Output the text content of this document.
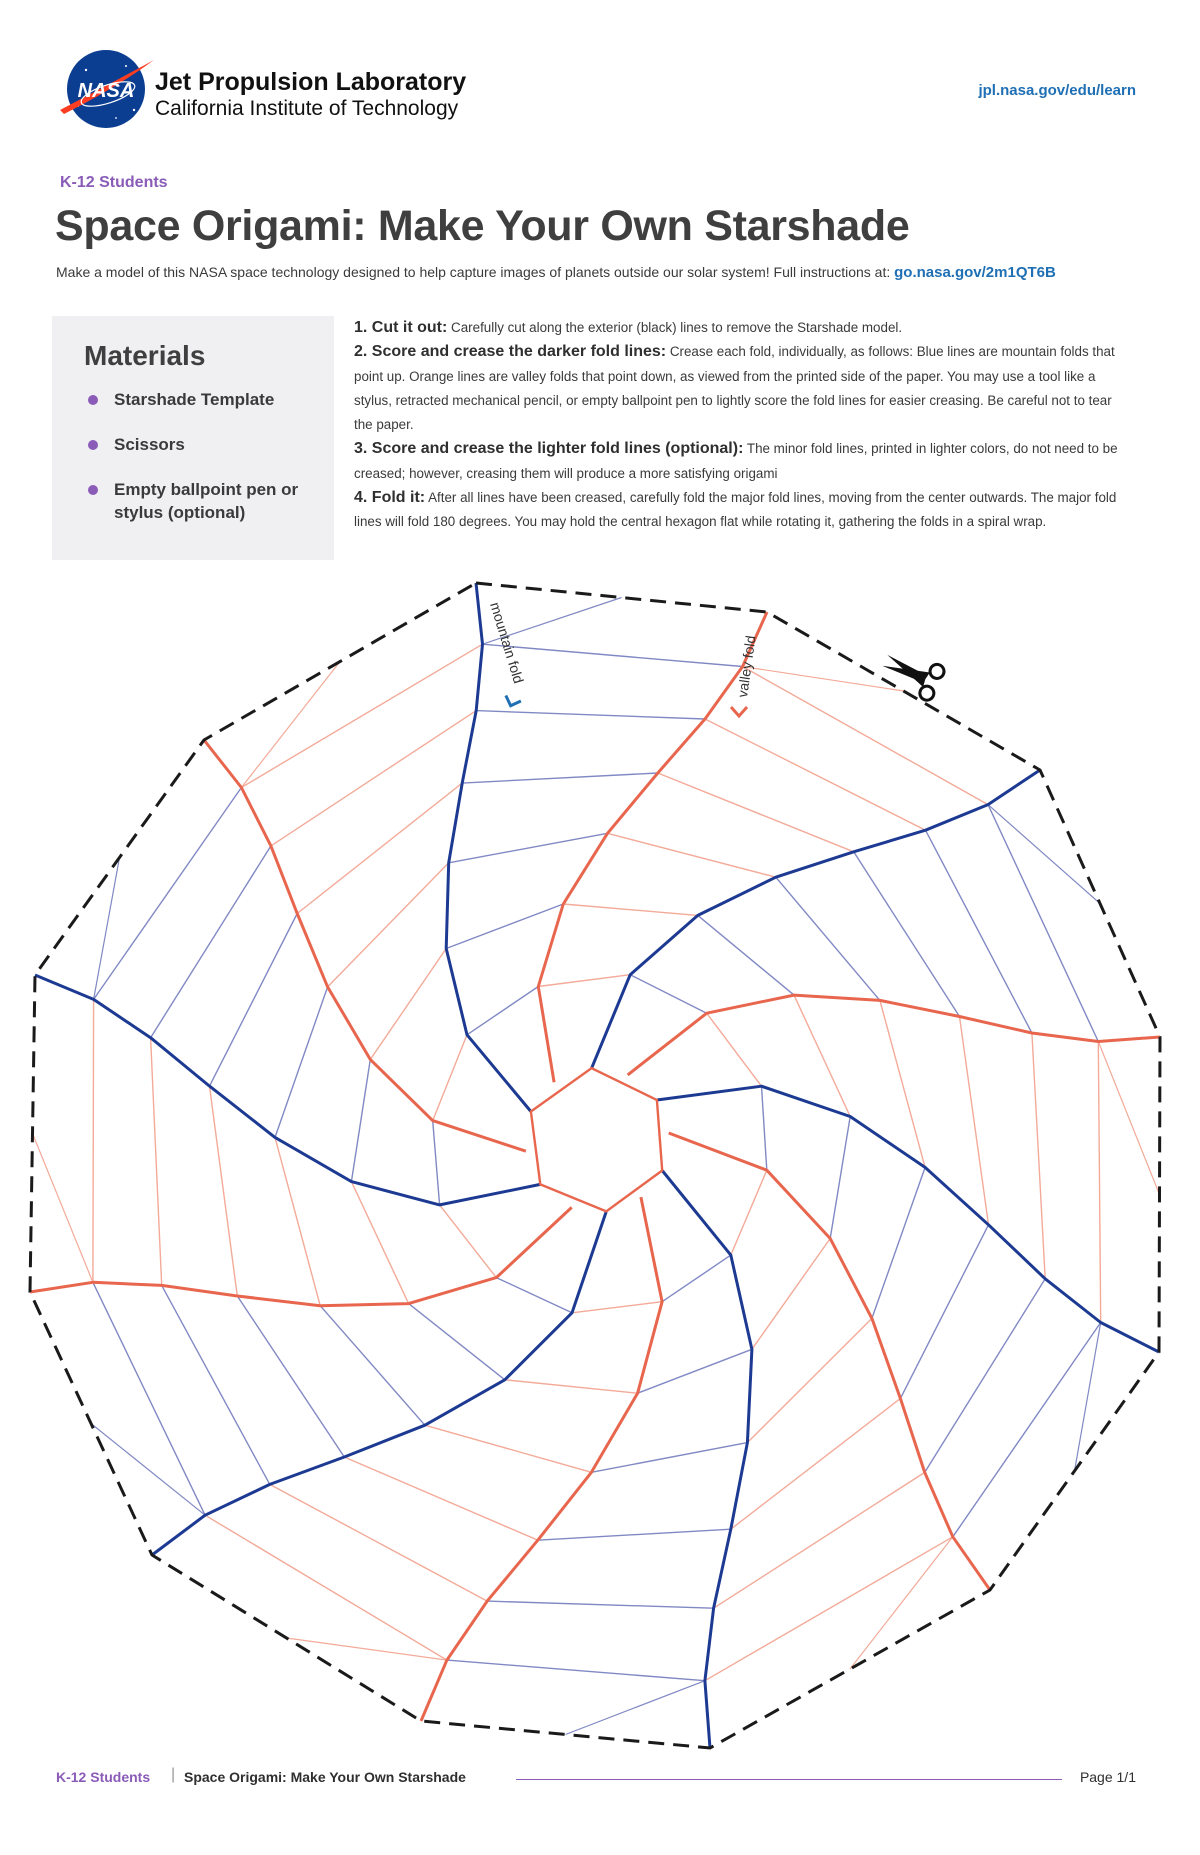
NASA Jet Propulsion Laboratory
California Institute of Technology
jpl.nasa.gov/edu/learn
K-12 Students
Space Origami: Make Your Own Starshade
Make a model of this NASA space technology designed to help capture images of planets outside our solar system! Full instructions at: go.nasa.gov/2m1QT6B
Materials
Starshade Template
Scissors
Empty ballpoint pen or stylus (optional)

1. Cut it out: Carefully cut along the exterior (black) lines to remove the Starshade model.

2. Score and crease the darker fold lines: Crease each fold, individually, as follows: Blue lines are mountain folds that point up. Orange lines are valley folds that point down, as viewed from the printed side of the paper. You may use a tool like a stylus, retracted mechanical pencil, or empty ballpoint pen to lightly score the fold lines for easier creasing. Be careful not to tear the paper.

3. Score and crease the lighter fold lines (optional): The minor fold lines, printed in lighter colors, do not need to be creased; however, creasing them will produce a more satisfying origami

4. Fold it: After all lines have been creased, carefully fold the major fold lines, moving from the center outwards. The major fold lines will fold 180 degrees. You may hold the central hexagon flat while rotating it, gathering the folds in a spiral wrap.

mountain fold	valley fold
K-12 Students | Space Origami: Make Your Own Starshade	Page 1/1
